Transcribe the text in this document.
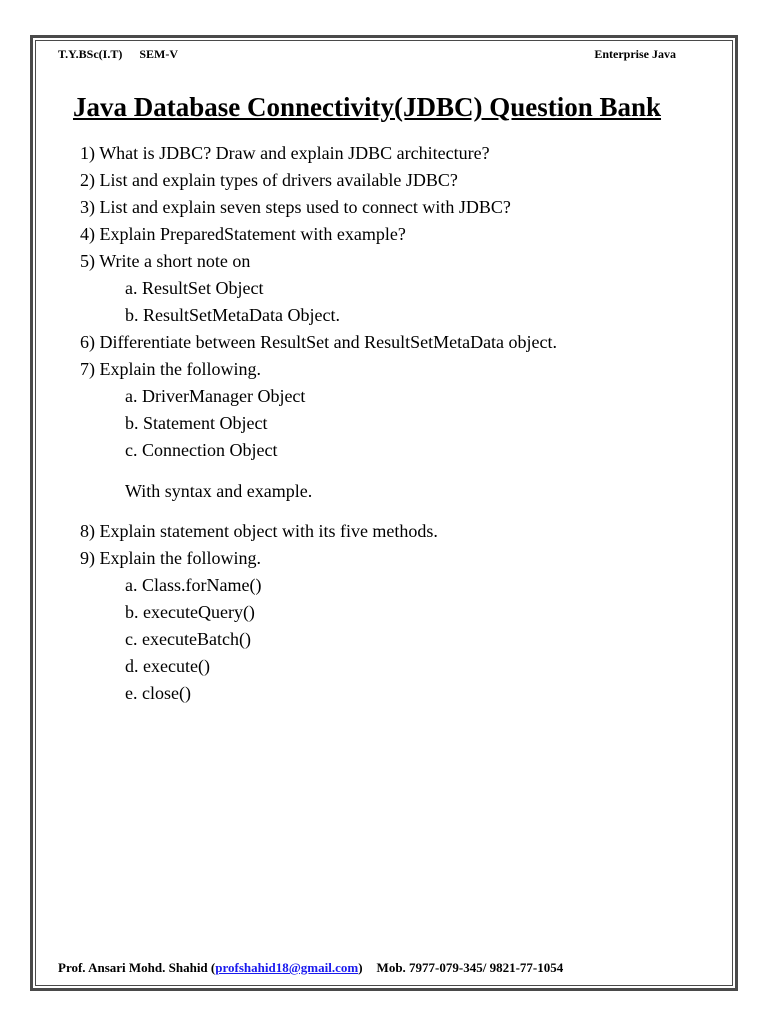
T.Y.BSc(I.T) SEM-V	Enterprise Java
Java Database Connectivity(JDBC) Question Bank
1) What is JDBC? Draw and explain JDBC architecture?
2) List and explain types of drivers available JDBC?
3) List and explain seven steps used to connect with JDBC?
4) Explain PreparedStatement with example?
5) Write a short note on
a. ResultSet Object
b. ResultSetMetaData Object.
6) Differentiate between ResultSet and ResultSetMetaData object.
7) Explain the following.
a. DriverManager Object
b. Statement Object
c. Connection Object
With syntax and example.
8) Explain statement object with its five methods.
9) Explain the following.
a. Class.forName()
b. executeQuery()
c. executeBatch()
d. execute()
e. close()
Prof. Ansari Mohd. Shahid (profshahid18@gmail.com) Mob. 7977-079-345/ 9821-77-1054
